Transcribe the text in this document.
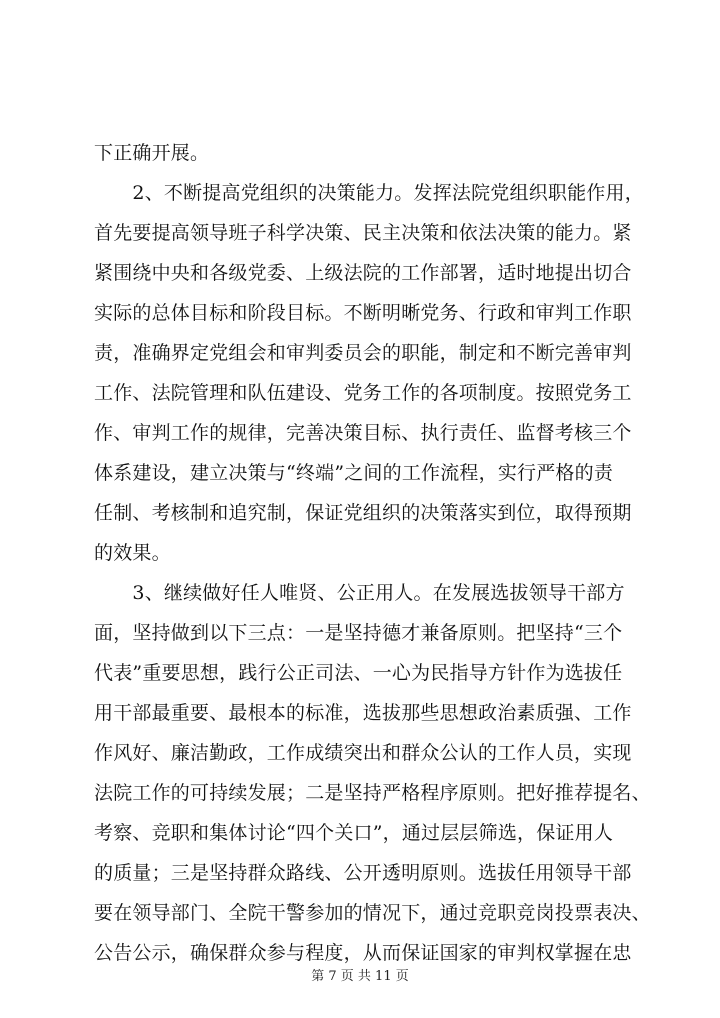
下正确开展。
　　2、不断提高党组织的决策能力。发挥法院党组织职能作用，
首先要提高领导班子科学决策、民主决策和依法决策的能力。紧
紧围绕中央和各级党委、上级法院的工作部署，适时地提出切合
实际的总体目标和阶段目标。不断明晰党务、行政和审判工作职
责，准确界定党组会和审判委员会的职能，制定和不断完善审判
工作、法院管理和队伍建设、党务工作的各项制度。按照党务工
作、审判工作的规律，完善决策目标、执行责任、监督考核三个
体系建设，建立决策与“终端”之间的工作流程，实行严格的责
任制、考核制和追究制，保证党组织的决策落实到位，取得预期
的效果。
　　3、继续做好任人唯贤、公正用人。在发展选拔领导干部方
面，坚持做到以下三点：一是坚持德才兼备原则。把坚持“三个
代表”重要思想，践行公正司法、一心为民指导方针作为选拔任
用干部最重要、最根本的标准，选拔那些思想政治素质强、工作
作风好、廉洁勤政，工作成绩突出和群众公认的工作人员，实现
法院工作的可持续发展；二是坚持严格程序原则。把好推荐提名、
考察、竞职和集体讨论“四个关口”，通过层层筛选，保证用人
的质量；三是坚持群众路线、公开透明原则。选拔任用领导干部
要在领导部门、全院干警参加的情况下，通过竞职竞岗投票表决、
公告公示，确保群众参与程度，从而保证国家的审判权掌握在忠
第 7 页 共 11 页
